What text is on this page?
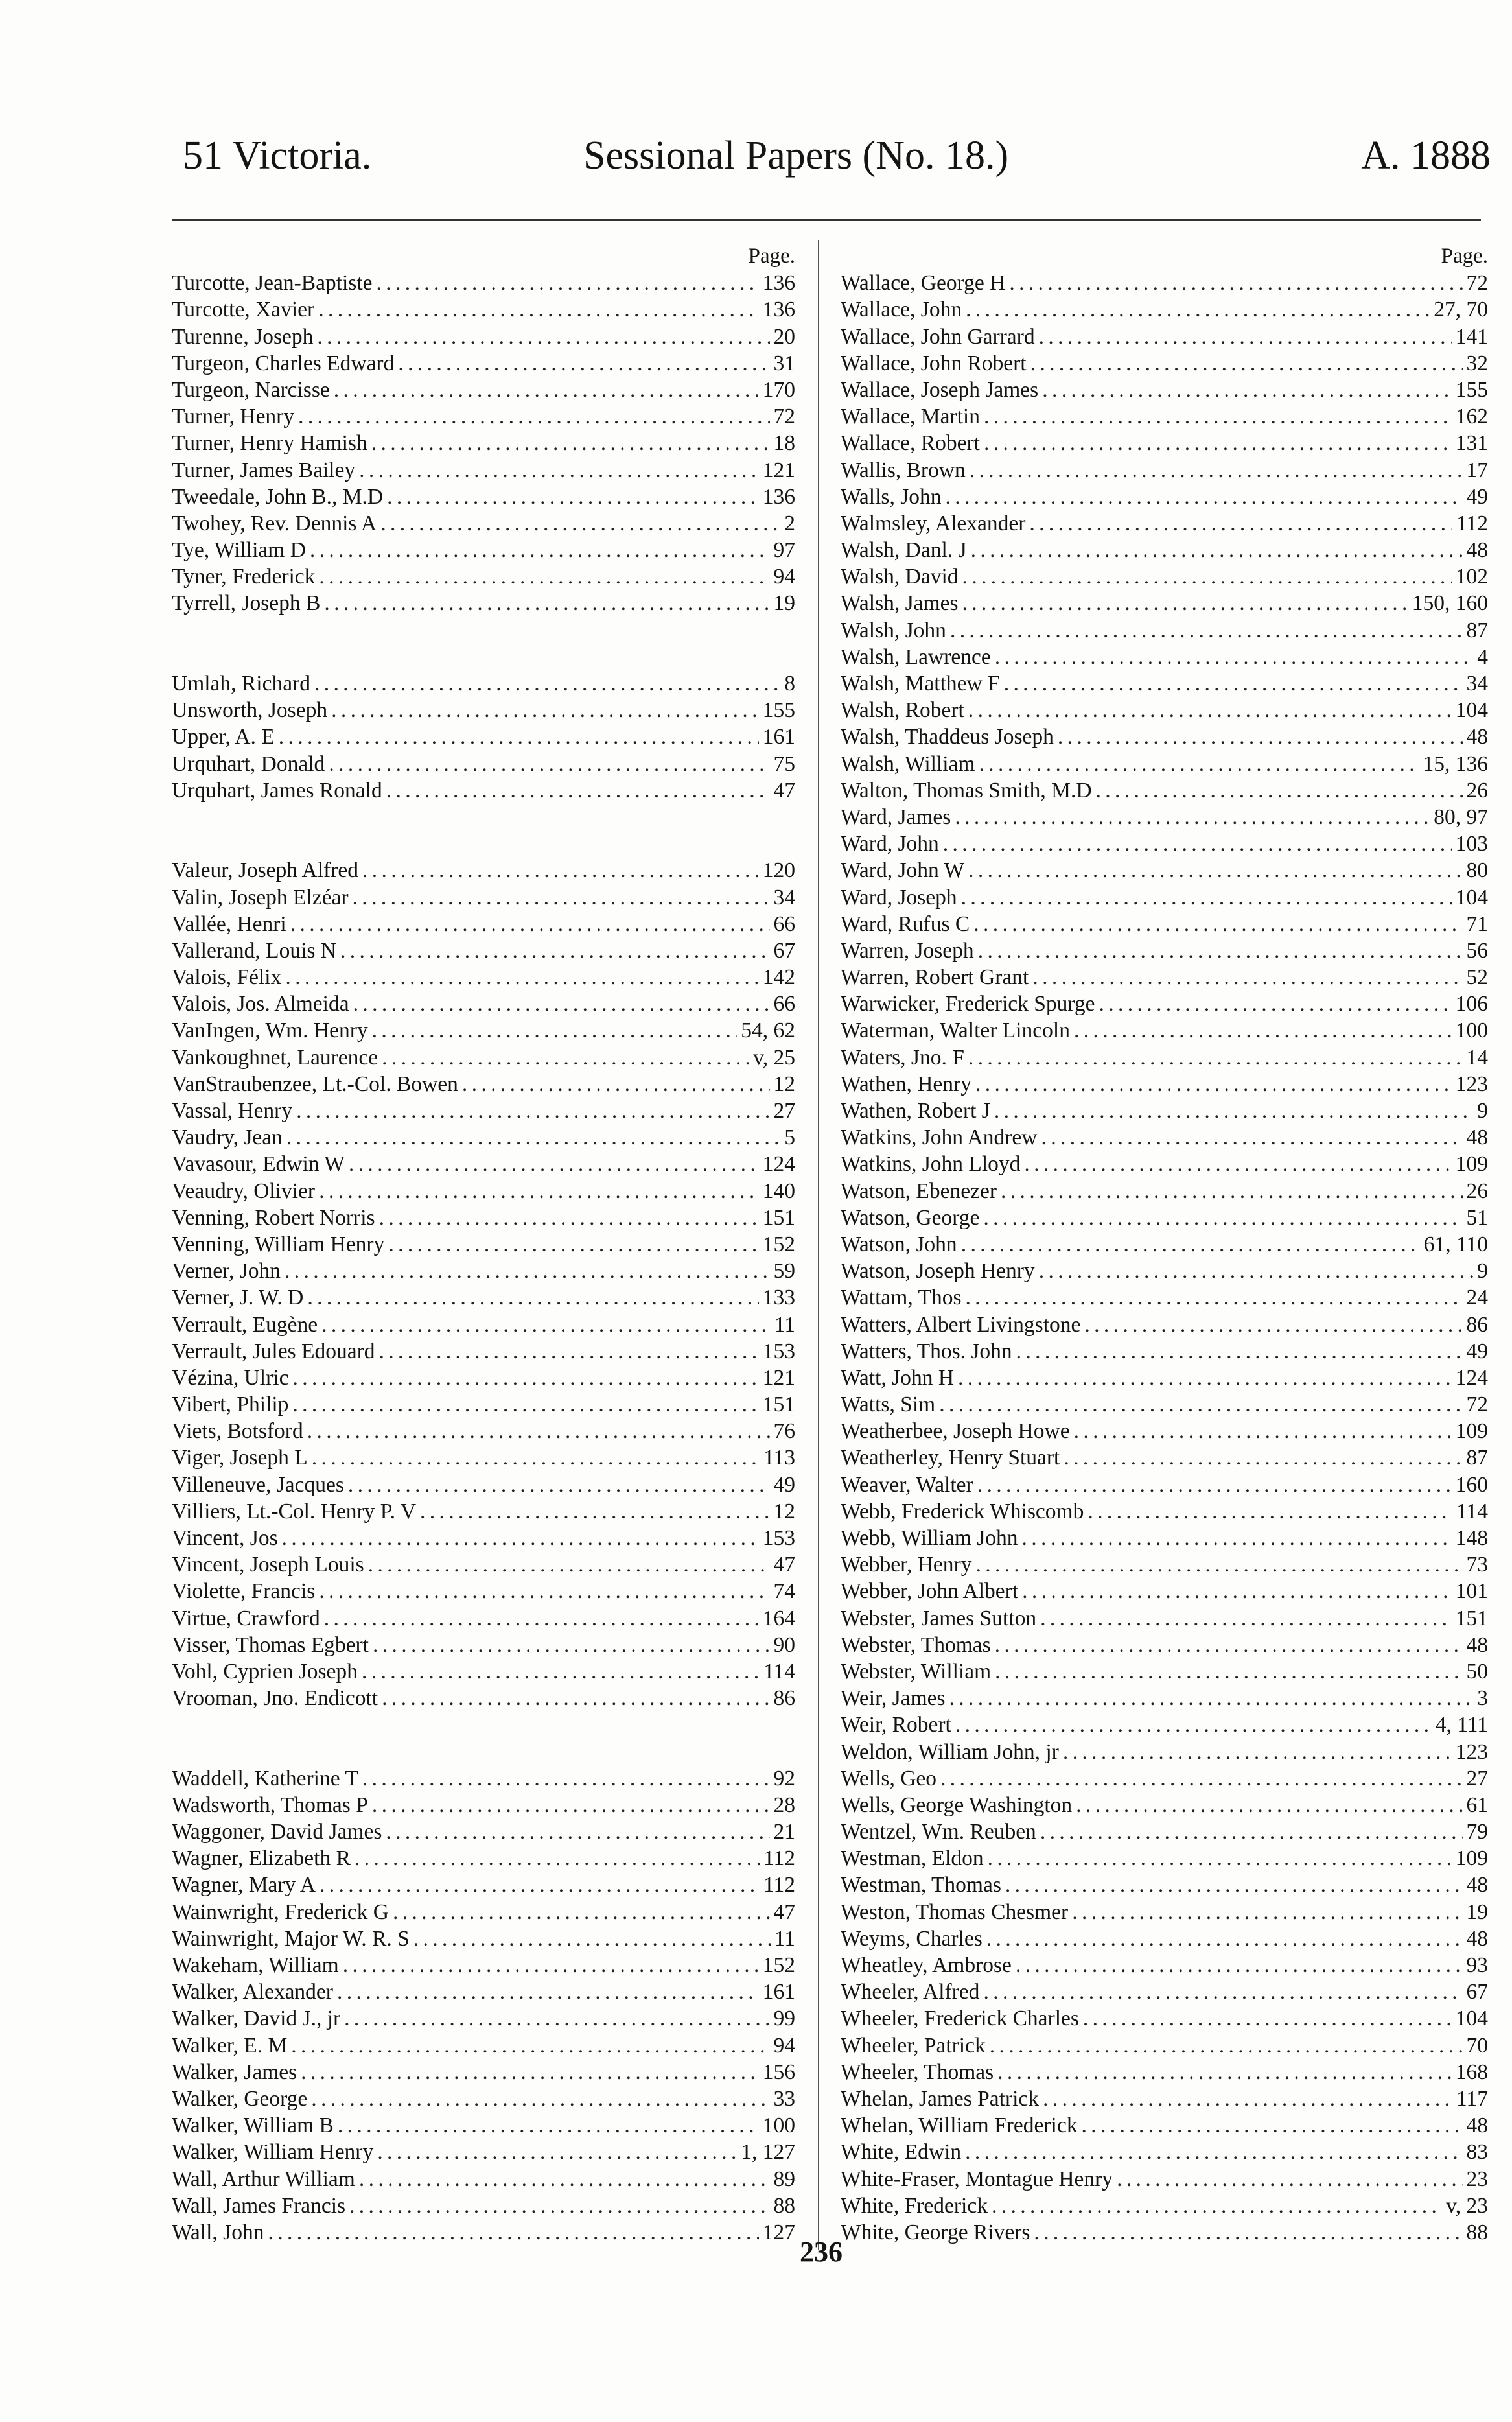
51 Victoria.	Sessional Papers (No. 18.)	A. 1888
Page.
Turcotte, Jean-Baptiste . . .	136
Turcotte, Xavier . . .	136
Turenne, Joseph . . .	20
Turgeon, Charles Edward . . .	31
Turgeon, Narcisse . . .	170
Turner, Henry . . .	72
Turner, Henry Hamish . . .	18
Turner, James Bailey . . .	121
Tweedale, John B., M.D . . .	136
Twohey, Rev. Dennis A . . .	2
Tye, William D . . .	97
Tyner, Frederick . . .	94
Tyrrell, Joseph B . . .	19
Umlah, Richard . . .	8
Unsworth, Joseph . . .	155
Upper, A. E . . .	161
Urquhart, Donald . . .	75
Urquhart, James Ronald . . .	47
Valeur, Joseph Alfred . . .	120
Valin, Joseph Elzéar . . .	34
Vallée, Henri . . .	66
Vallerand, Louis N . . .	67
Valois, Félix . . .	142
Valois, Jos. Almeida . . .	66
VanIngen, Wm. Henry . . .	54, 62
Vankoughnet, Laurence . . .	v, 25
VanStraubenzee, Lt.-Col. Bowen . . .	12
Vassal, Henry . . .	27
Vaudry, Jean . . .	5
Vavasour, Edwin W . . .	124
Veaudry, Olivier . . .	140
Venning, Robert Norris . . .	151
Venning, William Henry . . .	152
Verner, John . . .	59
Verner, J. W. D . . .	133
Verrault, Eugène . . .	11
Verrault, Jules Edouard . . .	153
Vézina, Ulric . . .	121
Vibert, Philip . . .	151
Viets, Botsford . . .	76
Viger, Joseph L . . .	113
Villeneuve, Jacques . . .	49
Villiers, Lt.-Col. Henry P. V . . .	12
Vincent, Jos . . .	153
Vincent, Joseph Louis . . .	47
Violette, Francis . . .	74
Virtue, Crawford . . .	164
Visser, Thomas Egbert . . .	90
Vohl, Cyprien Joseph . . .	114
Vrooman, Jno. Endicott . . .	86
Waddell, Katherine T . . .	92
Wadsworth, Thomas P . . .	28
Waggoner, David James . . .	21
Wagner, Elizabeth R . . .	112
Wagner, Mary A . . .	112
Wainwright, Frederick G . . .	47
Wainwright, Major W. R. S . . .	11
Wakeham, William . . .	152
Walker, Alexander . . .	161
Walker, David J., jr . . .	99
Walker, E. M . . .	94
Walker, James . . .	156
Walker, George . . .	33
Walker, William B . . .	100
Walker, William Henry . . .	1, 127
Wall, Arthur William . . .	89
Wall, James Francis . . .	88
Wall, John . . .	127
Page.
Wallace, George H . . .	72
Wallace, John . . .	27, 70
Wallace, John Garrard . . .	141
Wallace, John Robert . . .	32
Wallace, Joseph James . . .	155
Wallace, Martin . . .	162
Wallace, Robert . . .	131
Wallis, Brown . . .	17
Walls, John . . .	49
Walmsley, Alexander . . .	112
Walsh, Danl. J . . .	48
Walsh, David . . .	102
Walsh, James . . .	150, 160
Walsh, John . . .	87
Walsh, Lawrence . . .	4
Walsh, Matthew F . . .	34
Walsh, Robert . . .	104
Walsh, Thaddeus Joseph . . .	48
Walsh, William . . .	15, 136
Walton, Thomas Smith, M.D . . .	26
Ward, James . . .	80, 97
Ward, John . . .	103
Ward, John W . . .	80
Ward, Joseph . . .	104
Ward, Rufus C . . .	71
Warren, Joseph . . .	56
Warren, Robert Grant . . .	52
Warwicker, Frederick Spurge . . .	106
Waterman, Walter Lincoln . . .	100
Waters, Jno. F . . .	14
Wathen, Henry . . .	123
Wathen, Robert J . . .	9
Watkins, John Andrew . . .	48
Watkins, John Lloyd . . .	109
Watson, Ebenezer . . .	26
Watson, George . . .	51
Watson, John . . .	61, 110
Watson, Joseph Henry . . .	9
Wattam, Thos . . .	24
Watters, Albert Livingstone . . .	86
Watters, Thos. John . . .	49
Watt, John H . . .	124
Watts, Sim . . .	72
Weatherbee, Joseph Howe . . .	109
Weatherley, Henry Stuart . . .	87
Weaver, Walter . . .	160
Webb, Frederick Whiscomb . . .	114
Webb, William John . . .	148
Webber, Henry . . .	73
Webber, John Albert . . .	101
Webster, James Sutton . . .	151
Webster, Thomas . . .	48
Webster, William . . .	50
Weir, James . . .	3
Weir, Robert . . .	4, 111
Weldon, William John, jr . . .	123
Wells, Geo . . .	27
Wells, George Washington . . .	61
Wentzel, Wm. Reuben . . .	79
Westman, Eldon . . .	109
Westman, Thomas . . .	48
Weston, Thomas Chesmer . . .	19
Weyms, Charles . . .	48
Wheatley, Ambrose . . .	93
Wheeler, Alfred . . .	67
Wheeler, Frederick Charles . . .	104
Wheeler, Patrick . . .	70
Wheeler, Thomas . . .	168
Whelan, James Patrick . . .	117
Whelan, William Frederick . . .	48
White, Edwin . . .	83
White-Fraser, Montague Henry . . .	23
White, Frederick . . .	v, 23
White, George Rivers . . .	88
236
